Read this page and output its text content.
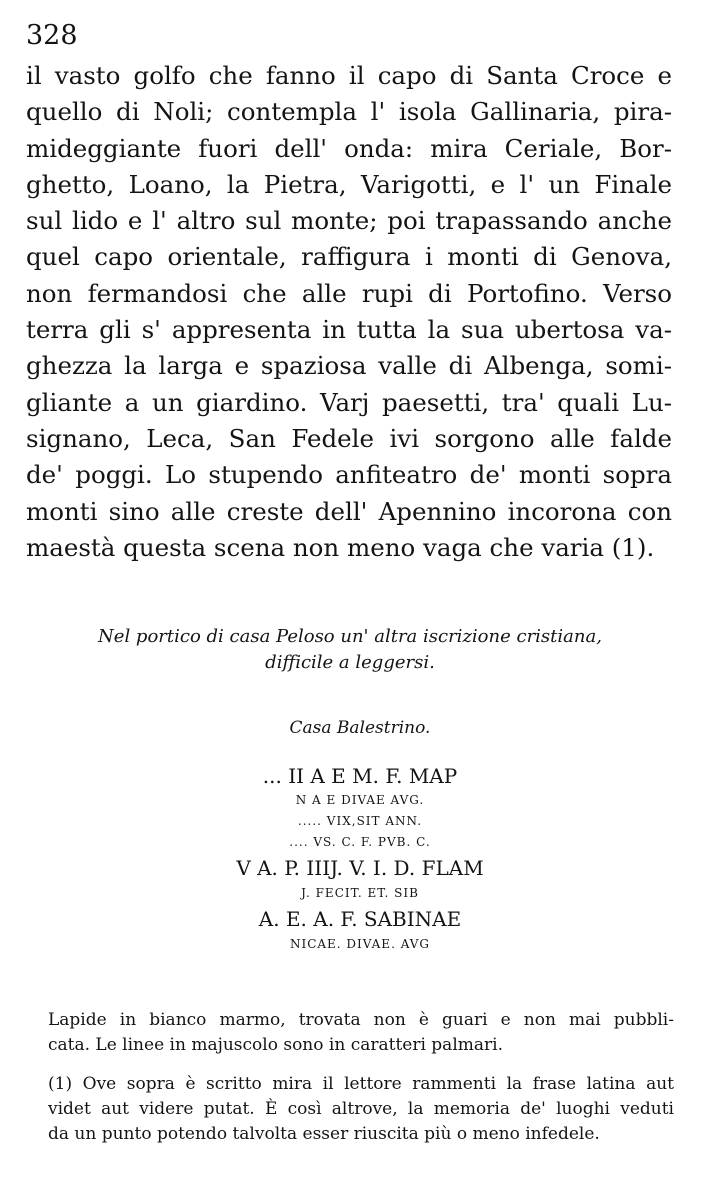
328
il vasto golfo che fanno il capo di Santa Croce e
quello di Noli; contempla l' isola Gallinaria, pira-
mideggiante fuori dell' onda: mira Ceriale, Bor-
ghetto, Loano, la Pietra, Varigotti, e l' un Finale
sul lido e l' altro sul monte; poi trapassando anche
quel capo orientale, raffigura i monti di Genova,
non fermandosi che alle rupi di Portofino. Verso
terra gli s' appresenta in tutta la sua ubertosa va-
ghezza la larga e spaziosa valle di Albenga, somi-
gliante a un giardino. Varj paesetti, tra' quali Lu-
signano, Leca, San Fedele ivi sorgono alle falde
de' poggi. Lo stupendo anfiteatro de' monti sopra
monti sino alle creste dell' Apennino incorona con
maestà questa scena non meno vaga che varia (1).
Nel portico di casa Peloso un' altra iscrizione cristiana,
difficile a leggersi.
Casa Balestrino.
... II A E M. F. MAP
N A E DIVAE AVG.
..... VIX,SIT ANN.
.... VS. C. F. PVB. C.
V A. P. IIIJ. V. I. D. FLAM
J. FECIT. ET. SIB
A. E. A. F. SABINAE
NICAE. DIVAE. AVG
Lapide in bianco marmo, trovata non è guari e non mai pubbli-
cata. Le linee in majuscolo sono in caratteri palmari.
(1) Ove sopra è scritto mira il lettore rammenti la frase latina aut
videt aut videre putat. È così altrove, la memoria de' luoghi veduti
da un punto potendo talvolta esser riuscita più o meno infedele.
